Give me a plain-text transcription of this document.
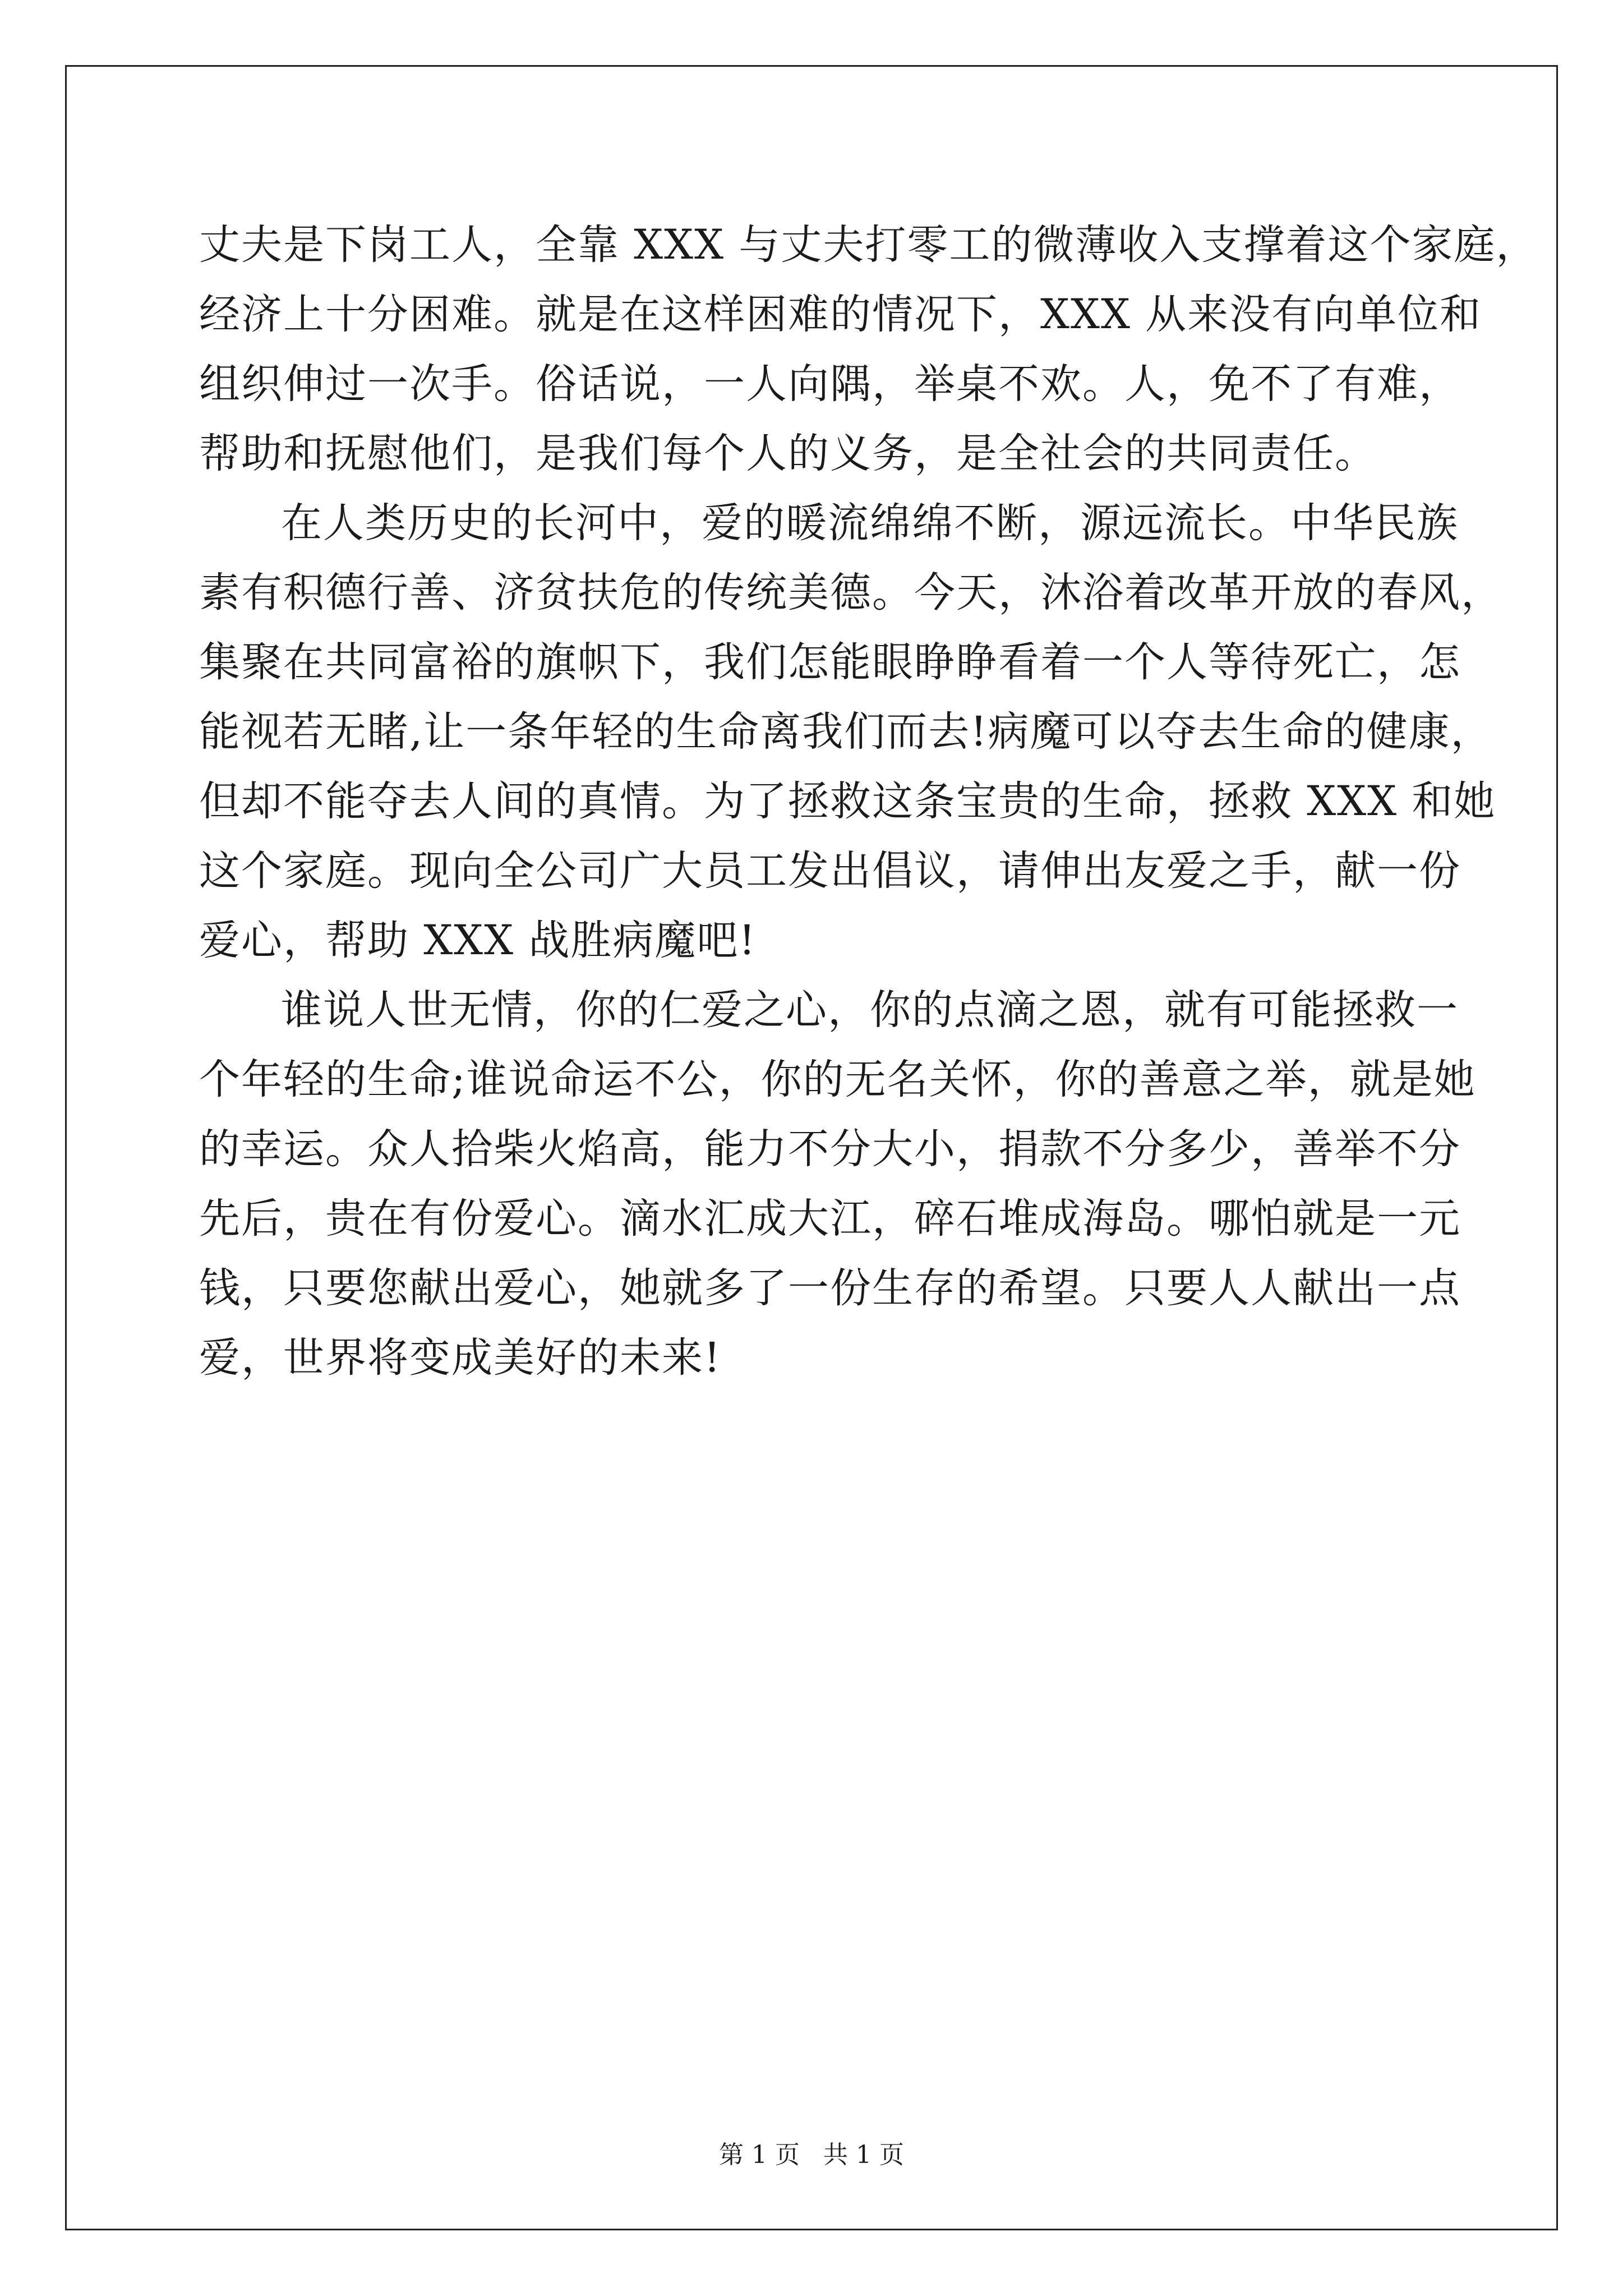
丈夫是下岗工人，全靠 XXX 与丈夫打零工的微薄收入支撑着这个家庭，
经济上十分困难。就是在这样困难的情况下，XXX 从来没有向单位和
组织伸过一次手。俗话说，一人向隅，举桌不欢。人，免不了有难，
帮助和抚慰他们，是我们每个人的义务，是全社会的共同责任。
在人类历史的长河中，爱的暖流绵绵不断，源远流长。中华民族
素有积德行善、济贫扶危的传统美德。今天，沐浴着改革开放的春风，
集聚在共同富裕的旗帜下，我们怎能眼睁睁看着一个人等待死亡，怎
能视若无睹,让一条年轻的生命离我们而去!病魔可以夺去生命的健康，
但却不能夺去人间的真情。为了拯救这条宝贵的生命，拯救 XXX 和她
这个家庭。现向全公司广大员工发出倡议，请伸出友爱之手，献一份
爱心，帮助 XXX 战胜病魔吧!
谁说人世无情，你的仁爱之心，你的点滴之恩，就有可能拯救一
个年轻的生命;谁说命运不公，你的无名关怀，你的善意之举，就是她
的幸运。众人拾柴火焰高，能力不分大小，捐款不分多少，善举不分
先后，贵在有份爱心。滴水汇成大江，碎石堆成海岛。哪怕就是一元
钱，只要您献出爱心，她就多了一份生存的希望。只要人人献出一点
爱，世界将变成美好的未来!
第 1 页 共 1 页
